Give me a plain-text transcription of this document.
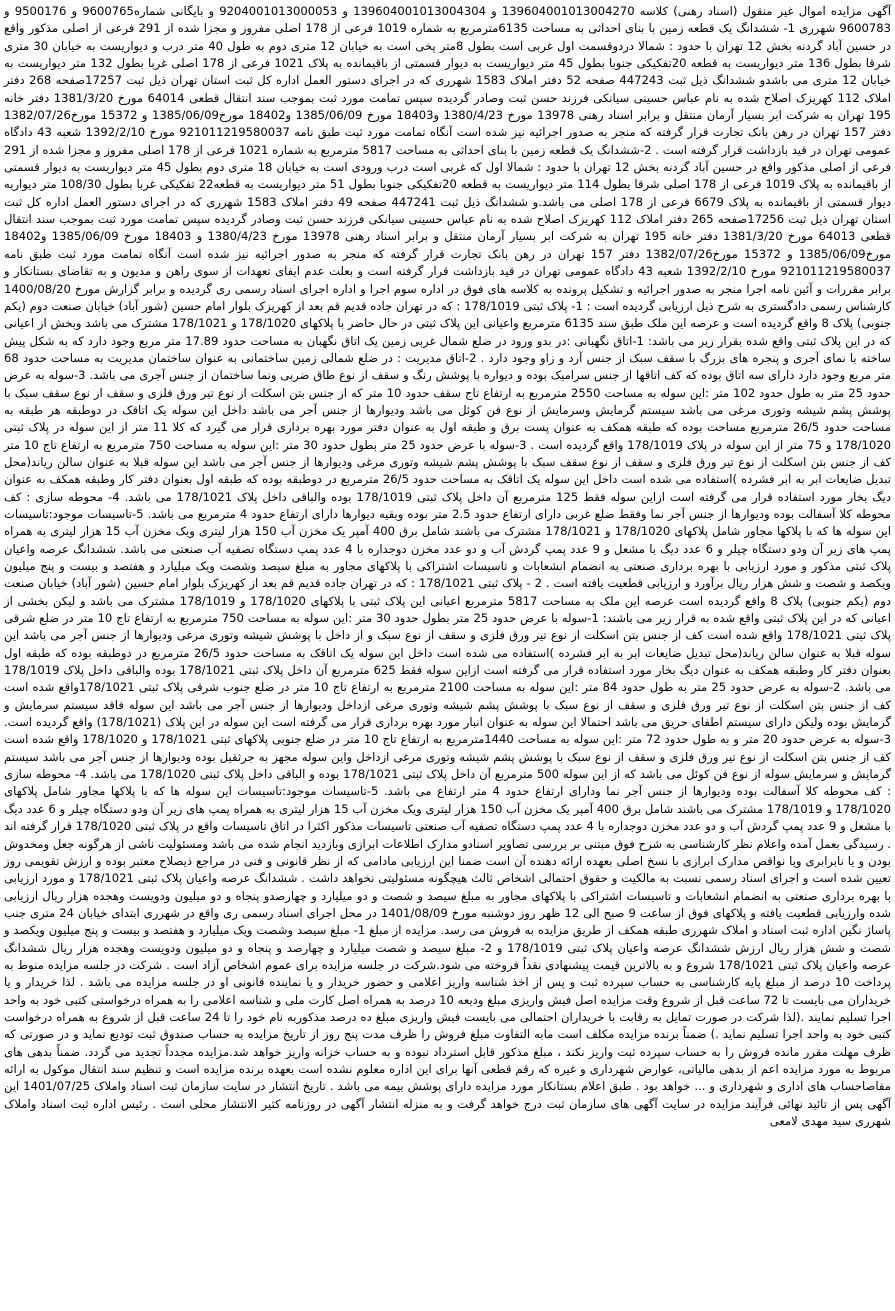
آگهی مزایده اموال غیر منقول (اسناد رهنی) کلاسه 139604001013004270 و 139604001013004304 و 9204001013000053 و بایگانی شماره9600765 و 9500176 و 9600783 شهرری 1- ششدانگ یک قطعه زمین با بنای احداثی به مساحت 6135مترمربع به شماره 1019 فرعی از 178 اصلی مفروز و مجزا شده از 291 فرعی از اصلی مذکور واقع در حسین آباد گردنه بخش 12 تهران با حدود : شمالا دردوقسمت اول غربی است بطول 8متر پخی است به خیابان 12 متری دوم به طول 40 متر درب و دیواریست به خیابان 30 متری شرقا بطول 136 متر دیواریست به قطعه 20تفکیکی جنوبا بطول 45 متر دیواریست به دیوار قسمتی از باقیمانده به پلاک 1021 فرعی از 178 اصلی غربا بطول 132 متر دیواریست به خیابان 12 متری می باشدو ششدانگ ذیل ثبت 447243 صفحه 52 دفتر املاک 1583 شهرری که در اجرای دستور العمل اداره کل ثبت استان تهران ذیل ثبت 17257صفحه 268 دفتر املاک 112 کهریزک اصلاح شده به نام عباس حسینی سیانکی فرزند حسن ثبت وصادر گردیده سپس تمامت مورد ثبت بموجب سند انتقال قطعی 64014 مورخ 1381/3/20 دفتر خانه 195 تهران به شرکت ابر بسیار آرمان منتقل و برابر اسناد رهنی 13978 مورخ 1380/4/23 و18403 مورخ 1385/06/09 و18402 مورخ1385/06/09 و 15372 مورخ1382/07/26 دفتر 157 تهران در رهن بانک تجارت قرار گرفته که منجر به صدور اجرائیه نیز شده است آنگاه تمامت مورد ثبت طبق نامه 921011219580037 مورخ 1392/2/10 شعبه 43 دادگاه عمومی تهران در قید بازداشت قرار گرفته است . 2-ششدانگ یک قطعه زمین با بنای احداثی به مساحت 5817 مترمربع به شماره 1021 فرعی از 178 اصلی مفروز و مجزا شده از 291 فرعی از اصلی مذکور واقع در حسین آباد گردنه بخش 12 تهران با حدود : شمالا اول که غربی است درب ورودی است به خیابان 18 متری دوم بطول 45 متر دیواریست به دیوار قسمتی از باقیمانده به پلاک 1019 فرعی از 178 اصلی شرقا بطول 114 متر دیواریست به قطعه 20تفکیکی جنوبا بطول 51 متر دیواریست به قطعه22 تفکیکی غربا بطول 108/30 متر دیواریه دیوار قسمتی از باقیمانده به پلاک 6679 فرعی از 178 اصلی می باشد.و ششدانگ ذیل ثبت 447241 صفحه 49 دفتر املاک 1583 شهرری که در اجرای دستور العمل اداره کل ثبت استان تهران ذیل ثبت 17256صفحه 265 دفتر املاک 112 کهریزک اصلاح شده به نام عباس حسینی سیانکی فرزند حسن ثبت وصادر گردیده سپس تمامت مورد ثبت بموجب سند انتقال قطعی 64013 مورخ 1381/3/20 دفتر خانه 195 تهران به شرکت ابر بسیار آرمان منتقل و برابر اسناد رهنی 13978 مورخ 1380/4/23 و 18403 مورخ 1385/06/09 و18402 مورخ1385/06/09 و 15372 مورخ1382/07/26 دفتر 157 تهران در رهن بانک تجارت قرار گرفته که منجر به صدور اجرائیه نیز شده است آنگاه تمامت مورد ثبت طبق نامه 921011219580037 مورخ 1392/2/10 شعبه 43 دادگاه عمومی تهران در قید بازداشت قرار گرفته است و بعلت عدم ایفای تعهدات از سوی راهن و مدیون و به تقاضای بستانکار و برابر مقررات و آئین نامه اجرا منجر به صدور اجرائیه و تشکیل پرونده به کلاسه های فوق در اداره سوم اجرا و اداره اجرای اسناد رسمی ری گردیده و برابر گزارش مورخ 1400/08/20 کارشناس رسمی دادگستری به شرح ذیل ارزیابی گردیده است : 1- پلاک ثبتی 178/1019 : که در تهران جاده قدیم قم بعد از کهریزک بلوار امام حسین (شور آباد) خیابان صنعت دوم (یکم جنوبی) پلاک 8 واقع گردیده است و عرصه این ملک طبق سند 6135 مترمربع واعیانی این پلاک ثبتی در حال حاضر با پلاکهای 178/1020 و 178/1021 مشترک می باشد وبخش از اعیانی که در این پلاک ثبتی واقع شده بقرار زیر می باشد: 1-اتاق نگهبانی :در بدو ورود در ضلع شمال غربی زمین یک اتاق نگهبان به مساحت حدود 17.89 متر مربع وجود دارد که به شکل پیش ساخته با نمای آجری و پنجره های بزرگ با سقف سبک از جنس آرد و زاو وجود دارد . 2-اتاق مدیریت : در ضلع شمالی زمین ساختمانی به عنوان ساختمان مدیریت به مساحت حدود 68 متر مربع وجود دارد دارای سه اتاق بوده که کف اتاقها از جنس سرامیک بوده و دیواره با پوشش رنگ و سقف از نوع طاق ضربی ونما ساختمان از جنس آجری می باشد. 3-سوله به عرض حدود 25 متر به طول حدود 102 متر :این سوله به مساحت 2550 مترمربع به ارتفاع تاج سقف حدود 10 متر که از جنس بتن اسکلت از نوع تیر ورق فلزی و سقف از نوع سقف سبک با پوشش پشم شیشه وتوری مرغی می باشد سیستم گرمایش وسرمایش از نوع فن کوئل می باشد ودیوارها از جنس آجر می باشد داخل این سوله یک اتاقک در دوطبقه هر طبقه به مساحت حدود 26/5 مترمربع مساحت بوده که طبقه همکف به عنوان پست برق و طبقه اول به عنوان دفتر مورد بهره برداری قرار می گیرد که کلا 11 متر از این سوله در پلاک ثبتی 178/1020 و 75 متر از این سوله در پلاک 178/1019 واقع گردیده است . 3-سوله با عرض حدود 25 متر بطول حدود 30 متر :این سوله به مساحت 750 مترمربع به ارتفاع تاج 10 متر کف از جنس بتن اسکلت از نوع تیر ورق فلزی و سقف از نوع سقف سبک با پوشش پشم شیشه وتوری مرغی ودیوارها از جنس آجر می باشد این سوله قبلا به عنوان سالن ریاند(محل تبدیل ضایعات ابر به ابر فشرده )استفاده می شده است داخل این سوله یک اتاقک به مساحت حدود 26/5 مترمربع در دوطبقه بوده که طبقه اول بعنوان دفتر کار وطبقه همکف به عنوان دیگ بخار مورد استفاده قرار می گرفته است ازاین سوله فقط 125 مترمربع آن داخل پلاک ثبتی 178/1019 بوده والباقی داخل پلاک 178/1021 می باشد. 4- محوطه سازی : کف محوطه کلا آسفالت بوده ودیوارها از جنس آجر نما وفقط ضلع غربی دارای ارتفاع حدود 2.5 متر بوده وبقیه دیوارها دارای ارتفاع حدود 4 مترمربع می باشد. 5-تاسیسات موجود:تاسیسات این سوله ها که با پلاکها مجاور شامل پلاکهای 178/1020 و 178/1021 مشترک می باشند شامل برق 400 آمپر یک مخزن آب 150 هزار لیتری ویک مخزن آب 15 هزار لیتری به همراه پمپ های زیر آن ودو دستگاه چیلر و 6 عدد دیگ با مشعل و 9 عدد پمپ گردش آب و دو عدد مخزن دوجداره با 4 عدد پمپ دستگاه تصفیه آب صنعتی می باشد. ششدانگ عرصه واعیان پلاک ثبتی مذکور و مورد ارزیابی با بهره برداری صنعتی به انضمام انشعابات و تاسیسات اشتراکی با پلاکهای مجاور به مبلغ سیصد وشصت ویک میلیارد و هفتصد و بیست و پنج میلیون ویکصد و شصت و شش هزار ریال برآورد و ارزیابی قطعیت یافته است . 2 - پلاک ثبتی 178/1021 : که در تهران جاده قدیم قم بعد از کهریزک بلوار امام حسین (شور آباد) خیابان صنعت دوم (یکم جنوبی) پلاک 8 واقع گردیده است عرصه این ملک به مساحت 5817 مترمربع اعیانی این پلاک ثبتی با پلاکهای 178/1020 و 178/1019 مشترک می باشد و لیکن بخشی از اعیانی که در این پلاک ثبتی واقع شده به قرار زیر می باشند: 1-سوله با عرض حدود 25 متر بطول حدود 30 متر :این سوله به مساحت 750 مترمربع به ارتفاع تاج 10 متر در ضلع شرقی پلاک ثبتی 178/1021 واقع شده است کف از جنس بتن اسکلت از نوع تیر ورق فلزی و سقف از نوع سبک و از داخل با پوشش شیشه وتوری مرغی ودیوارها از جنس آجر می باشد این سوله قبلا به عنوان سالن ریاند(محل تبدیل ضایعات ابر به ابر فشرده )استفاده می شده است داخل این سوله یک اتاقک به مساحت حدود 26/5 مترمربع در دوطبقه بوده که طبقه اول بعنوان دفتر کار وطبقه همکف به عنوان دیگ بخار مورد استفاده قرار می گرفته است ازاین سوله فقط 625 مترمربع آن داخل پلاک ثبتی 178/1021 بوده والباقی داخل پلاک 178/1019 می باشد. 2-سوله به عرض حدود 25 متر به طول حدود 84 متر :این سوله به مساحت 2100 مترمربع به ارتفاع تاج 10 متر در ضلع جنوب شرقی پلاک ثبتی 178/1021واقع شده است کف از جنس بتن اسکلت از نوع تیر ورق فلزی و سقف از نوع سبک با پوشش پشم شیشه وتوری مرغی ازداخل ودیوارها از جنس آجر می باشد این سوله فاقد سیستم سرمایش و گرمایش بوده ولیکن دارای سیستم اطفای حریق می باشد احتمالا این سوله به عنوان انبار مورد بهره برداری قرار می گرفته است این سوله در این پلاک (178/1021) واقع گردیده است. 3-سوله به عرض حدود 20 متر و به طول حدود 72 متر :این سوله به مساحت 1440مترمربع به ارتفاع تاج 10 متر در ضلع جنوبی پلاکهای ثبتی 178/1021 و 178/1020 واقع شده است کف از جنس بتن اسکلت از نوع تیر ورق فلزی و سقف از نوع سبک با پوشش پشم شیشه وتوری مرغی ازداخل واین سوله مجهز به جرثقیل بوده ودیوارها از جنس آجر می باشد سیستم گرمایش و سرمایش سوله از نوع فن کوئل می باشد که از این سوله 500 مترمربع آن داخل پلاک ثبتی 178/1021 بوده و الباقی داخل پلاک ثبتی 178/1020 می باشد. 4- محوطه سازی : کف محوطه کلا آسفالت بوده ودیوارها از جنس آجر نما ودارای ارتفاع حدود 4 متر ارتفاع می باشد. 5-تاسیسات موجود:تاسیسات این سوله ها که با پلاکها مجاور شامل پلاکهای 178/1020 و 178/1019 مشترک می باشند شامل برق 400 آمپر یک مخزن آب 150 هزار لیتری ویک مخزن آب 15 هزار لیتری به همراه پمپ های زیر آن ودو دستگاه چیلر و 6 عدد دیگ با مشعل و 9 عدد پمپ گردش آب و دو عدد مخزن دوجداره با 4 عدد پمپ دستگاه تصفیه آب صنعتی تاسیسات مذکور اکثرا در اتاق تاسیسات واقع در پلاک ثبتی 178/1020 قرار گرفته اند . رسیدگی بعمل آمده واعلام نظر کارشناسی به شرح فوق مبتنی بر بررسی تصاویر اسنادو مدارک اطلاعات ابرازی وبازدید انجام شده می باشد ومسئولیت ناشی از هرگونه جعل ومخدوش بودن و یا نابرابری ویا نواقص مدارک ابرازی با نسخ اصلی بعهده ارائه دهنده آن است ضمنا این ارزیابی مادامی که از نظر قانونی و فنی در مراجع ذیصلاح معتبر بوده و ارزش تقویمی روز تعیین شده است و اجرای اسناد رسمی نسبت به مالکیت و حقوق احتمالی اشخاص ثالث هیچگونه مسئولیتی نخواهد داشت . ششدانگ عرصه واعیان پلاک ثبتی 178/1021 و مورد ارزیابی با بهره برداری صنعتی به انضمام انشعابات و تاسیسات اشتراکی با پلاکهای مجاور به مبلغ سیصد و شصت و دو میلیارد و چهارصدو پنجاه و دو میلیون ودویست وهجده هزار ریال ارزیابی شده وارزیابی قطعیت یافته و پلاکهای فوق از ساعت 9 صبح الی 12 ظهر روز دوشنبه مورخ 1401/08/09 در محل اجرای اسناد رسمی ری واقع در شهرری ابتدای خیابان 24 متری جنب پاساژ نگین اداره ثبت اسناد و املاک شهرری طبقه همکف از طریق مزایده به فروش می رسد. مزایده از مبلغ 1- مبلغ سیصد وشصت ویک میلیارد و هفتصد و بیست و پنج میلیون ویکصد و شصت و شش هزار ریال ارزش ششدانگ عرصه واعیان پلاک ثبتی 178/1019 و 2- مبلغ سیصد و شصت میلیارد و چهارصد و پنجاه و دو میلیون ودویست وهجده هزار ریال ششدانگ عرصه واعیان پلاک ثبتی 178/1021 شروع و به بالاترین قیمت پیشنهادی نقداً فروخته می شود.شرکت در جلسه مزایده برای عموم اشخاص آزاد است . شرکت در جلسه مزایده منوط به پرداخت 10 درصد از مبلغ پایه کارشناسی به حساب سپرده ثبت و پس از اخذ شناسه واریز اعلامی و حضور خریدار و یا نماینده قانونی او در جلسه مزایده می باشد . لذا خریدار و یا خریداران می بایست تا 72 ساعت قبل از شروع وقت مزایده اصل فیش واریزی مبلغ ودیعه 10 درصد به همراه اصل کارت ملی و شناسه اعلامی را به همراه درخواستی کتبی خود به واحد اجرا تسلیم نمایند .(لذا شرکت در صورت تمایل به رقابت با خریداران احتمالی می بایست فیش واریزی مبلغ ده درصد مذکوربه نام خود را تا 24 ساعت قبل از شروع به همراه درخواست کتبی خود به واحد اجرا تسلیم نماید .) ضمناً برنده مزایده مکلف است مابه التفاوت مبلغ فروش را ظرف مدت پنج روز از تاریخ مزایده به حساب صندوق ثبت تودیع نماید و در صورتی که ظرف مهلت مقرر مانده فروش را به حساب سپرده ثبت واریز نکند ، مبلغ مذکور قابل استرداد نبوده و به حساب خزانه واریز خواهد شد.مزایده مجدداً تجدید می گردد. ضمناً بدهی های مربوط به مورد مزایده اعم از بدهی مالیاتی، عوارض شهرداری و غیره که رقم قطعی آنها برای این اداره معلوم نشده است بعهده برنده مزایده است و تنظیم سند انتقال موکول به ارائه مفاصاحساب های اداری و شهرداری و ... خواهد بود . طبق اعلام بستانکار مورد مزایده دارای پوشش بیمه می باشد . تاریخ انتشار در سایت سازمان ثبت اسناد واملاک 1401/07/25 این آگهی پس از تائید نهائی فرآیند مزایده در سایت آگهی های سازمان ثبت درج خواهد گرفت و به منزله انتشار آگهی در روزنامه کثیر الانتشار محلی است . رئیس اداره ثبت اسناد واملاک شهرری سید مهدی لامعی
